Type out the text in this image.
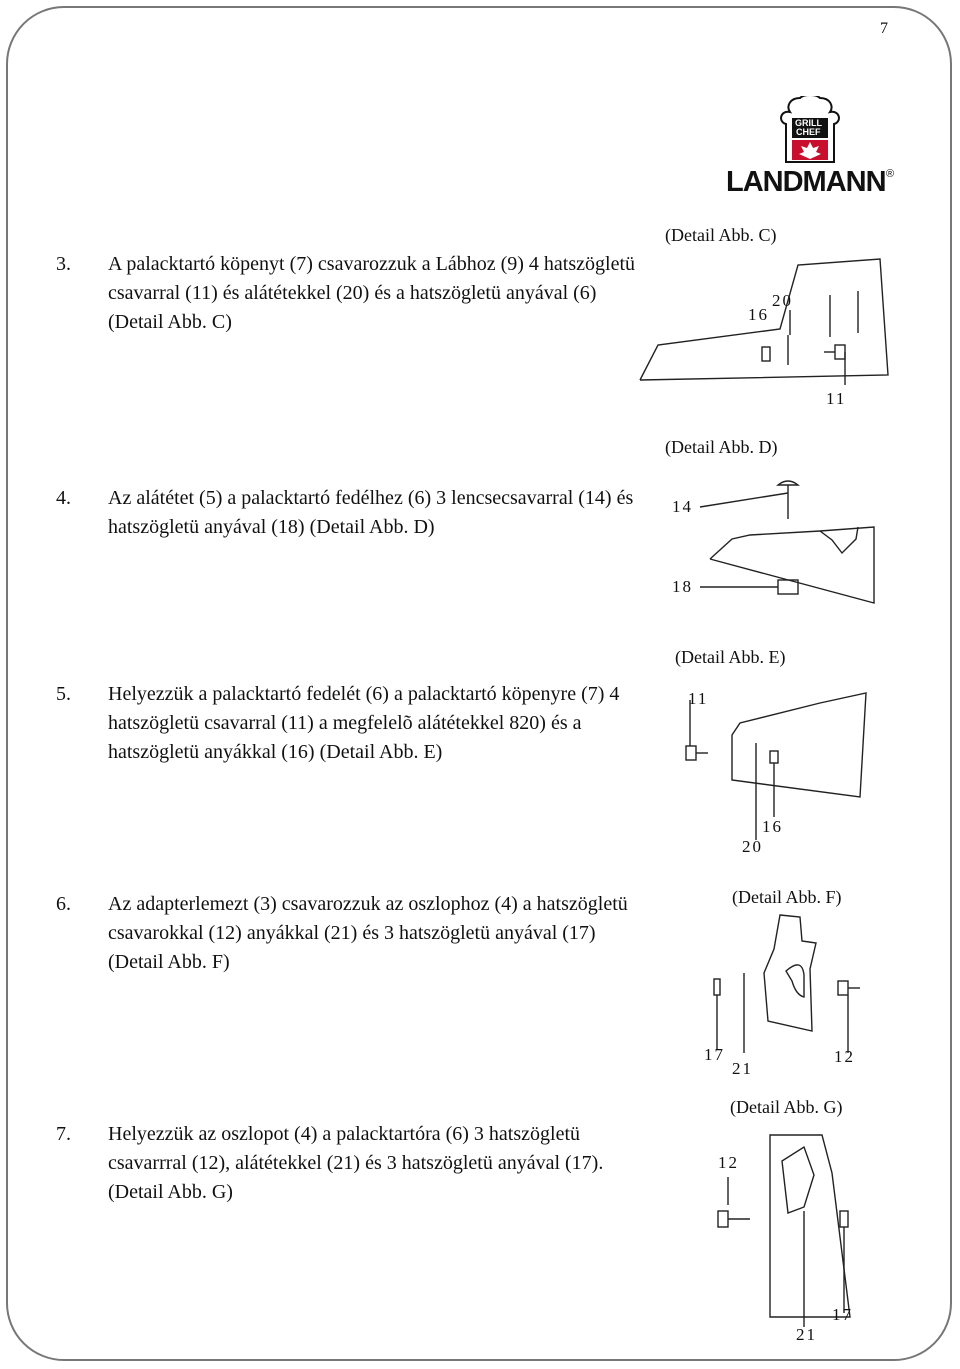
7
GRILL
CHEF
LANDMANN ®
3.	A palacktartó köpenyt (7) csavarozzuk a Lábhoz (9) 4 hatszögletü csavarral (11) és alátétekkel (20) és a hatszögletü anyával (6) (Detail Abb. C)
4.	Az alátétet (5) a palacktartó fedélhez (6) 3 lencsecsavarral (14) és hatszögletü anyával (18) (Detail Abb. D)
5.	Helyezzük a palacktartó fedelét (6) a palacktartó köpenyre (7) 4 hatszögletü csavarral (11) a megfelelõ alátétekkel 820) és a hatszögletü anyákkal (16) (Detail Abb. E)
6.	Az adapterlemezt (3) csavarozzuk az oszlophoz (4) a hatszögletü csavarokkal (12) anyákkal (21) és 3 hatszögletü anyával (17) (Detail Abb. F)
7.	Helyezzük az oszlopot (4) a palacktartóra (6) 3 hatszögletü csavarrral (12), alátétekkel (21) és 3 hatszögletü anyával (17). (Detail Abb. G)
(Detail Abb. C)
16
20
11
(Detail Abb. D)
14
18
(Detail Abb. E)
11
16
20
(Detail Abb. F)
17
21
12
(Detail Abb. G)
12
17
21
